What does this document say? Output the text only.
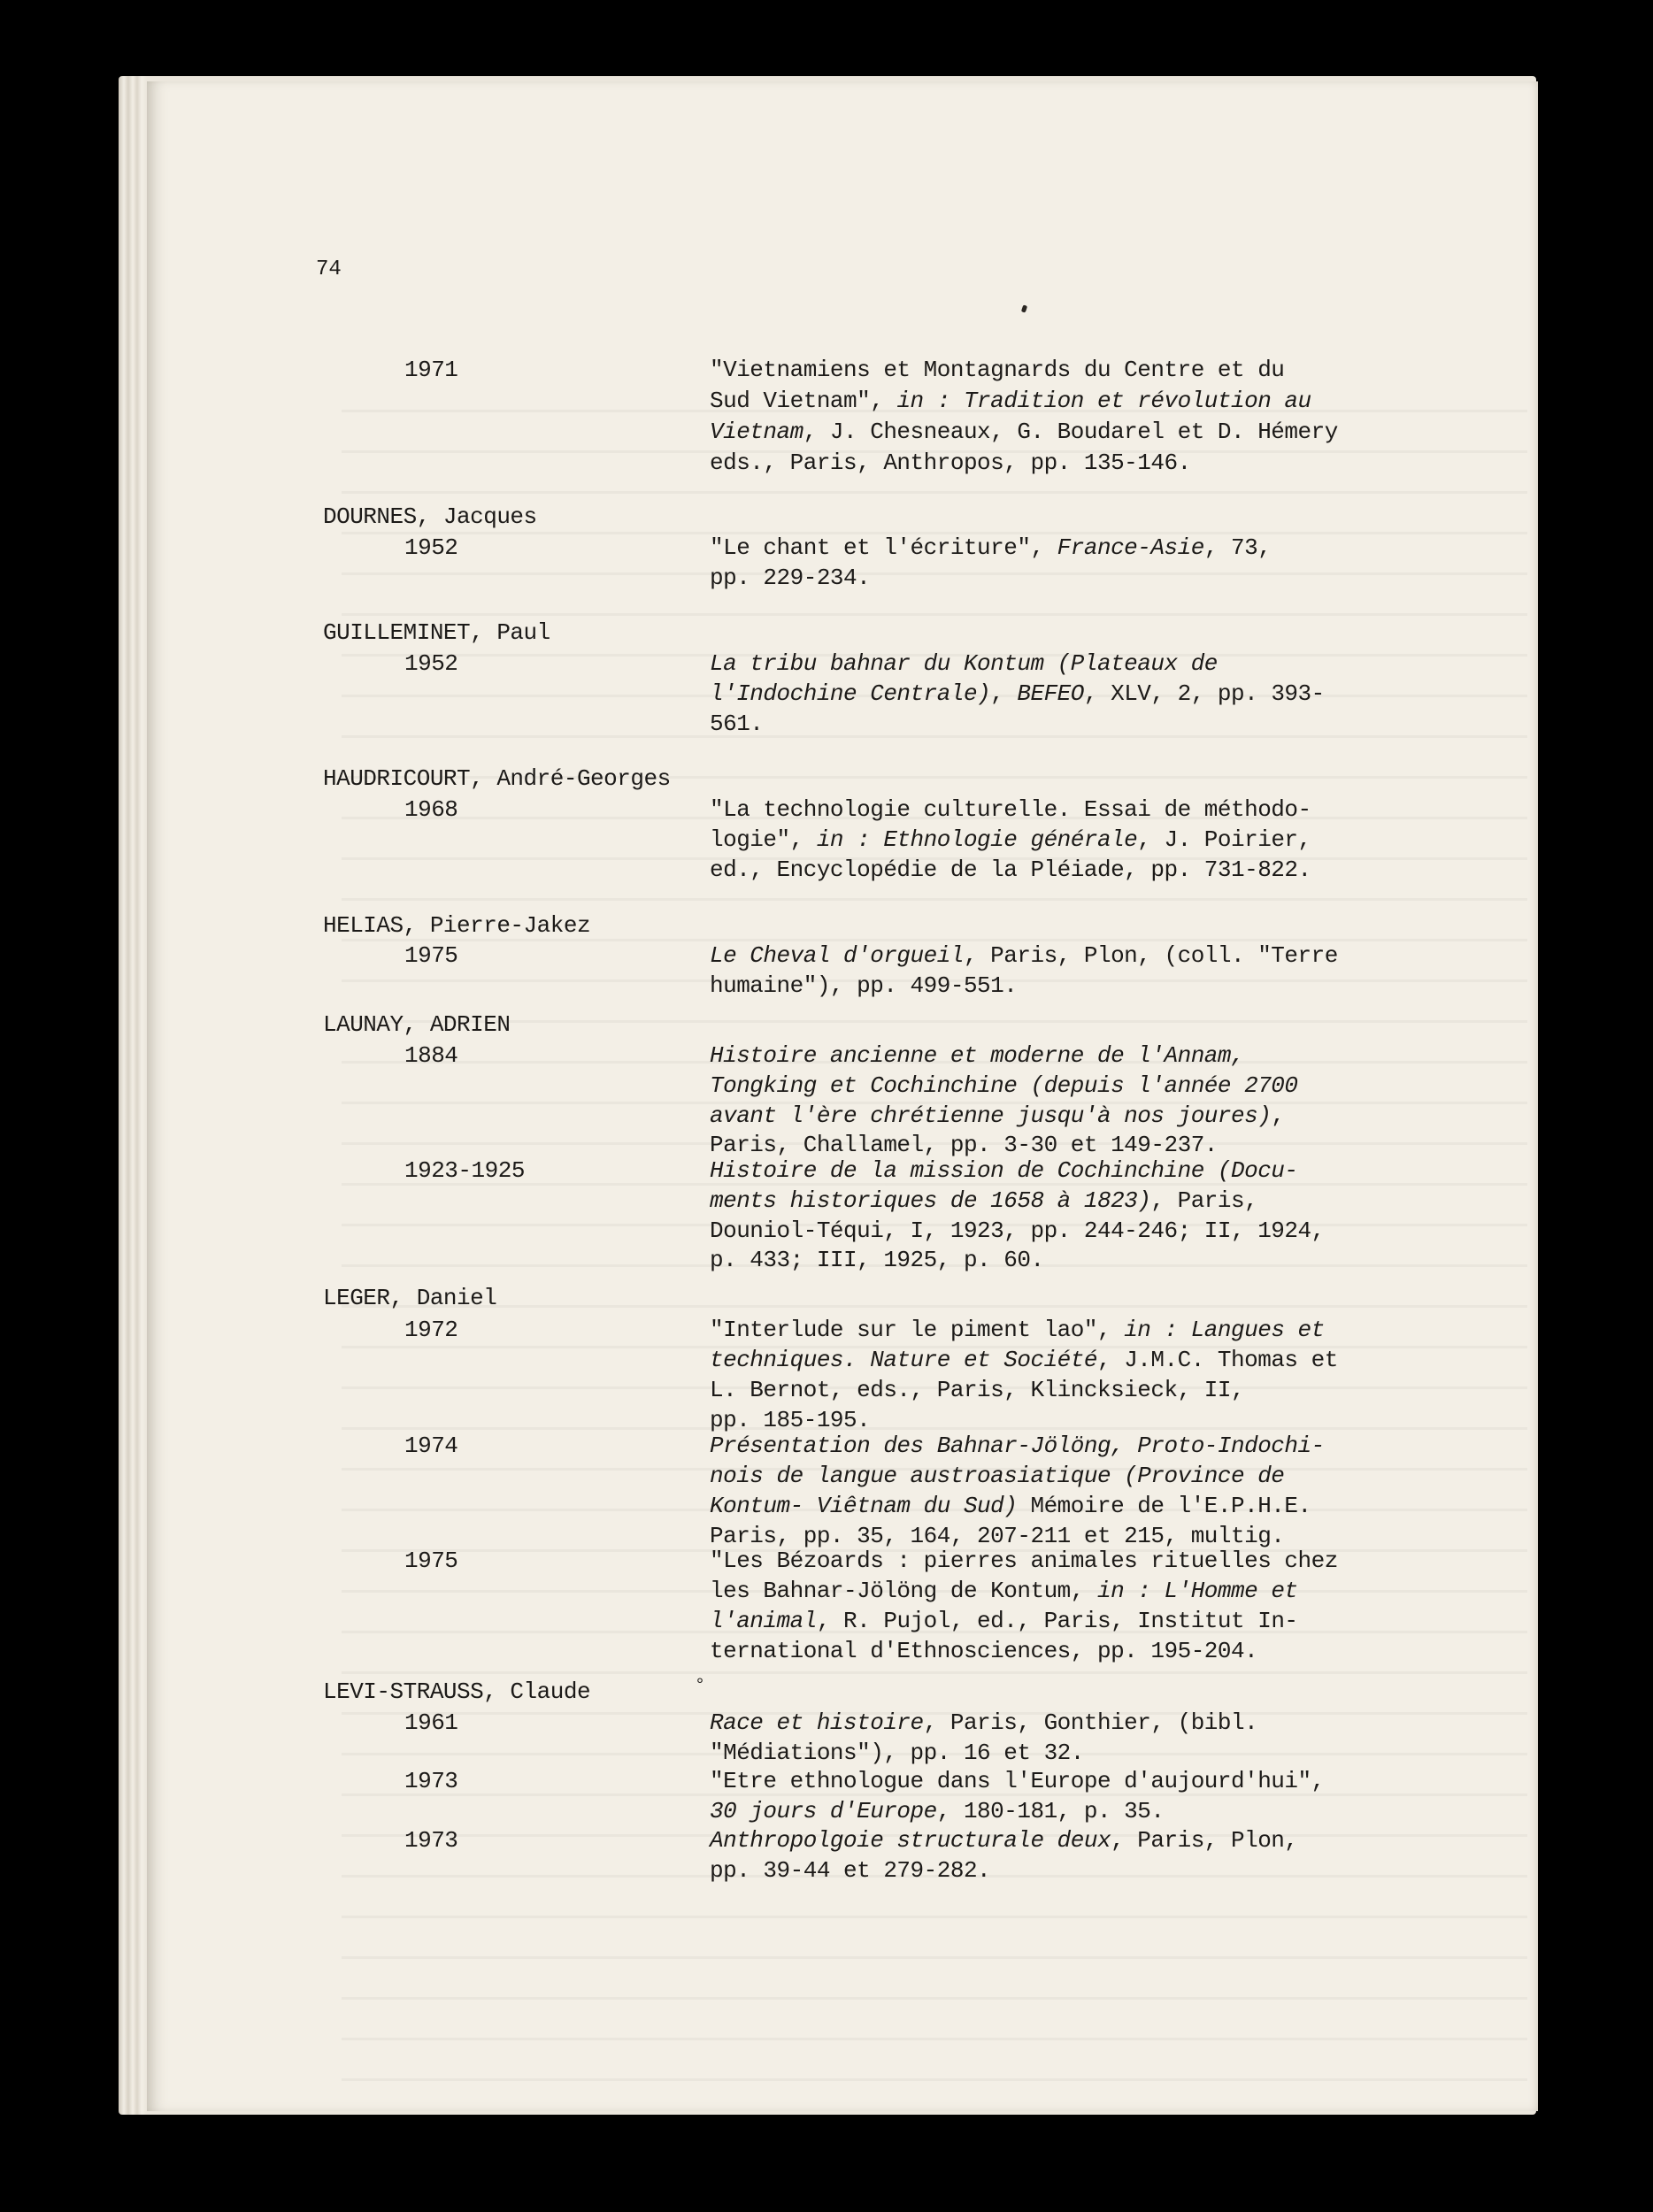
74
1971	"Vietnamiens et Montagnards du Centre et du
Sud Vietnam", in : Tradition et révolution au
Vietnam, J. Chesneaux, G. Boudarel et D. Hémery
eds., Paris, Anthropos, pp. 135-146.
DOURNES, Jacques
1952	"Le chant et l'écriture", France-Asie, 73,
pp. 229-234.
GUILLEMINET, Paul
1952	La tribu bahnar du Kontum (Plateaux de
l'Indochine Centrale), BEFEO, XLV, 2, pp. 393-
561.
HAUDRICOURT, André-Georges
1968	"La technologie culturelle. Essai de méthodo-
logie", in : Ethnologie générale, J. Poirier,
ed., Encyclopédie de la Pléiade, pp. 731-822.
HELIAS, Pierre-Jakez
1975	Le Cheval d'orgueil, Paris, Plon, (coll. "Terre
humaine"), pp. 499-551.
LAUNAY, ADRIEN
1884	Histoire ancienne et moderne de l'Annam,
Tongking et Cochinchine (depuis l'année 2700
avant l'ère chrétienne jusqu'à nos joures),
Paris, Challamel, pp. 3-30 et 149-237.
1923-1925	Histoire de la mission de Cochinchine (Docu-
ments historiques de 1658 à 1823), Paris,
Douniol-Téqui, I, 1923, pp. 244-246; II, 1924,
p. 433; III, 1925, p. 60.
LEGER, Daniel
1972	"Interlude sur le piment lao", in : Langues et
techniques. Nature et Société, J.M.C. Thomas et
L. Bernot, eds., Paris, Klincksieck, II,
pp. 185-195.
1974	Présentation des Bahnar-Jölöng, Proto-Indochi-
nois de langue austroasiatique (Province de
Kontum- Viêtnam du Sud) Mémoire de l'E.P.H.E.
Paris, pp. 35, 164, 207-211 et 215, multig.
1975	"Les Bézoards : pierres animales rituelles chez
les Bahnar-Jölöng de Kontum, in : L'Homme et
l'animal, R. Pujol, ed., Paris, Institut In-
ternational d'Ethnosciences, pp. 195-204.
LEVI-STRAUSS, Claude	°
1961	Race et histoire, Paris, Gonthier, (bibl.
"Médiations"), pp. 16 et 32.
1973	"Etre ethnologue dans l'Europe d'aujourd'hui",
30 jours d'Europe, 180-181, p. 35.
1973	Anthropolgoie structurale deux, Paris, Plon,
pp. 39-44 et 279-282.
